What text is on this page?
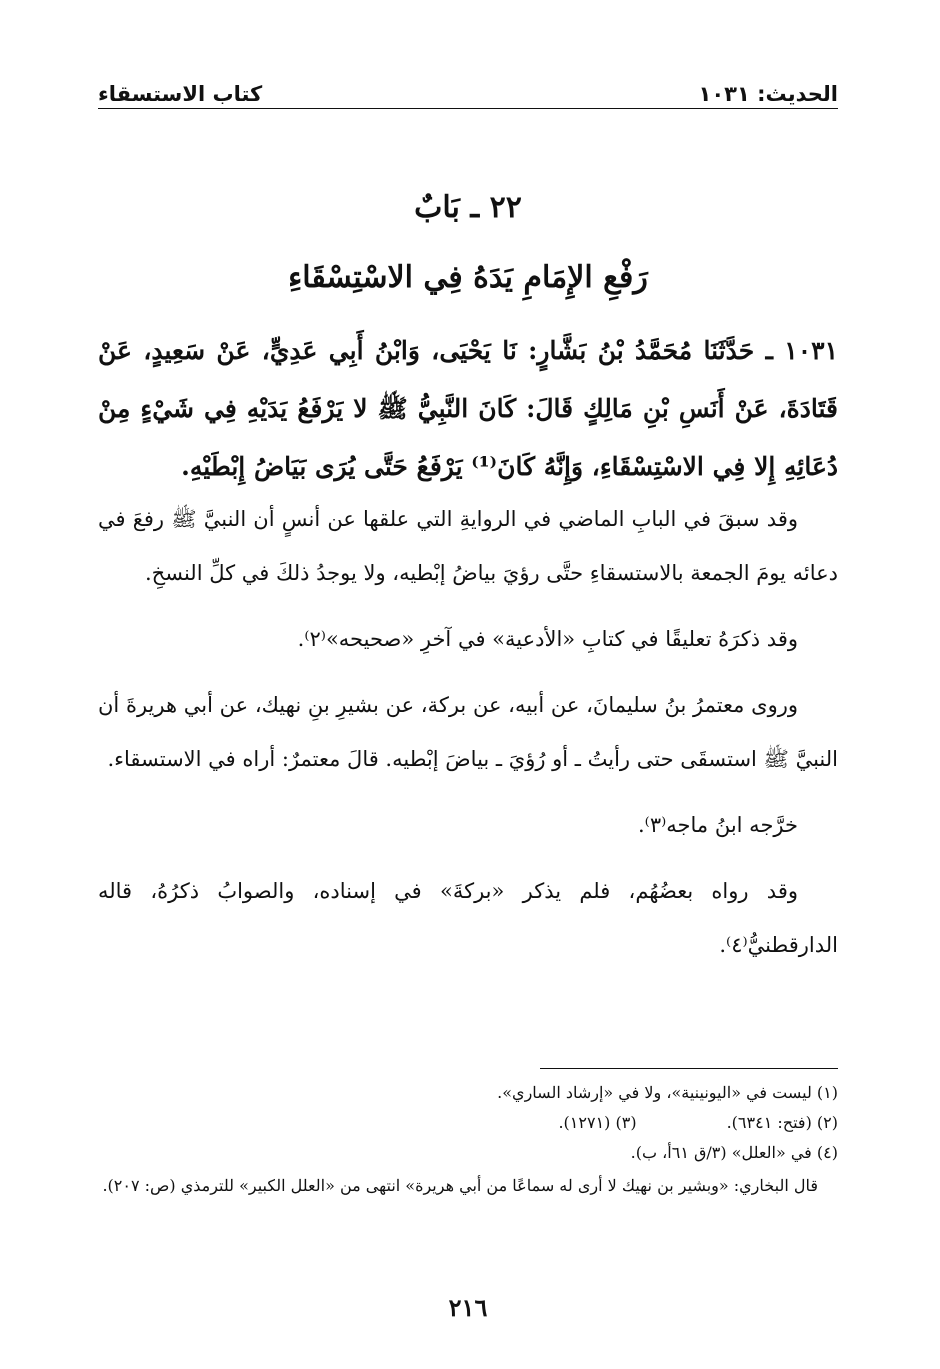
الحديث: ١٠٣١
كتاب الاستسقاء
٢٢ ـ بَابٌ
رَفْعِ الإِمَامِ يَدَهُ فِي الاسْتِسْقَاءِ
١٠٣١ ـ حَدَّثَنَا مُحَمَّدُ بْنُ بَشَّارٍ: نَا يَحْيَى، وَابْنُ أَبِي عَدِيٍّ، عَنْ سَعِيدٍ، عَنْ قَتَادَةَ، عَنْ أَنَسِ بْنِ مَالِكٍ قَالَ: كَانَ النَّبِيُّ ﷺ لا يَرْفَعُ يَدَيْهِ فِي شَيْءٍ مِنْ دُعَائِهِ إِلا فِي الاسْتِسْقَاءِ، وَإِنَّهُ كَانَ⁽¹⁾ يَرْفَعُ حَتَّى يُرَى بَيَاضُ إِبْطَيْهِ.

وقد سبقَ في البابِ الماضي في الروايةِ التي علقها عن أنسٍ أن النبيَّ ﷺ رفعَ في دعائه يومَ الجمعة بالاستسقاءِ حتَّى رؤيَ بياضُ إبْطيه، ولا يوجدُ ذلكَ في كلِّ النسخِ.

وقد ذكرَهُ تعليقًا في كتابِ «الأدعية» في آخرِ «صحيحه»⁽٢⁾.

وروى معتمرُ بنُ سليمانَ، عن أبيه، عن بركة، عن بشيرِ بنِ نهيك، عن أبي هريرةَ أن النبيَّ ﷺ استسقَى حتى رأيتُ ـ أو رُؤيَ ـ بياضَ إبْطيه. قالَ معتمرٌ: أراه في الاستسقاء.

خرَّجه ابنُ ماجه⁽٣⁾.

وقد رواه بعضُهُم، فلم يذكر «بركةَ» في إسناده، والصوابُ ذكرُهُ، قاله الدارقطنيُّ⁽٤⁾.

(١) ليست في «اليونينية»، ولا في «إرشاد الساري».
(٢) (فتح: ٦٣٤١).
(٣) (١٢٧١).
(٤) في «العلل» (٣/ق ٦١أ، ب).
قال البخاري: «وبشير بن نهيك لا أرى له سماعًا من أبي هريرة» انتهى من «العلل الكبير» للترمذي (ص: ٢٠٧).
٢١٦
